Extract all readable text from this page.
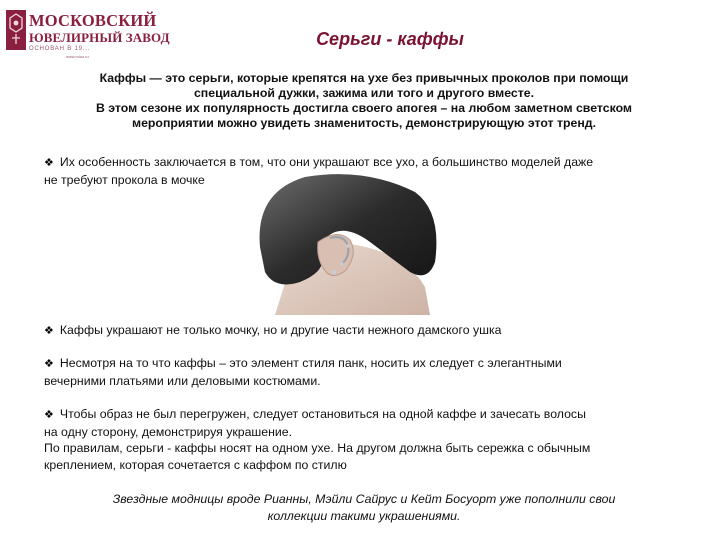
МОСКОВСКИЙ
ЮВЕЛИРНЫЙ ЗАВОД
ОСНОВАН В 19...
www.miuz.ru
Серьги - каффы
Каффы — это серьги, которые крепятся на ухе без привычных проколов при помощи
специальной дужки, зажима или того и другого вместе.
В этом сезоне их популярность достигла своего апогея – на любом заметном светском
мероприятии можно увидеть знаменитость, демонстрирующую этот тренд.
❖ Их особенность заключается в том, что они украшают все ухо, а большинство моделей даже
не требуют прокола в мочке
❖ Каффы украшают не только мочку, но и другие части нежного дамского ушка
❖ Несмотря на то что каффы – это элемент стиля панк, носить их следует с элегантными
вечерними платьями или деловыми костюмами.
❖ Чтобы образ не был перегружен, следует остановиться на одной каффе и зачесать волосы
на одну сторону, демонстрируя украшение.
По правилам, серьги - каффы носят на одном ухе. На другом должна быть сережка с обычным
креплением, которая сочетается с каффом по стилю
Звездные модницы вроде Рианны, Мэйли Сайрус и Кейт Босуорт уже пополнили свои
коллекции такими украшениями.
